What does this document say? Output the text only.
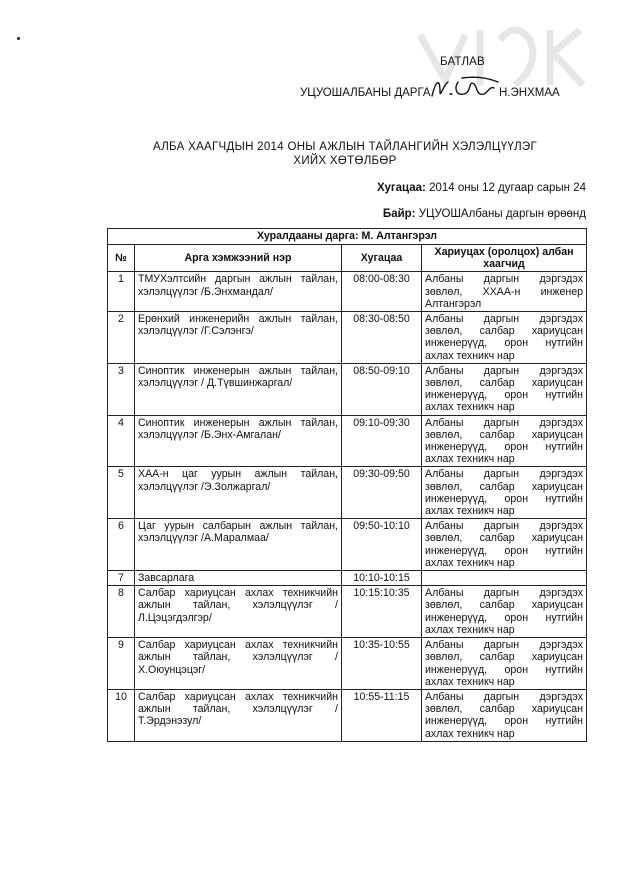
БАТЛАВ
УЦУОШАЛБАНЫ ДАРГА	Н.ЭНХМАА
АЛБА ХААГЧДЫН 2014 ОНЫ АЖЛЫН ТАЙЛАНГИЙН ХЭЛЭЛЦҮҮЛЭГ ХИЙХ ХӨТӨЛБӨР
Хугацаа: 2014 оны 12 дугаар сарын 24
Байр: УЦУОШАлбаны даргын өрөөнд
Хуралдааны дарга: М. Алтангэрэл			
№	Арга хэмжээний нэр	Хугацаа	Хариуцах (оролцох) албан хаагчид
1	ТМУХэлтсийн даргын ажлын тайлан, хэлэлцүүлэг /Б.Энхмандал/	08:00-08:30	Албаны даргын дэргэдэх зөвлөл, ХХАА-н инженер Алтангэрэл
2	Ерөнхий инженерийн ажлын тайлан, хэлэлцүүлэг /Г.Сэлэнгэ/	08:30-08:50	Албаны даргын дэргэдэх зөвлөл, салбар хариуцсан инженерүүд, орон нутгийн ахлах техникч нар
3	Синоптик инженерын ажлын тайлан, хэлэлцүүлэг / Д.Түвшинжаргал/	08:50-09:10	Албаны даргын дэргэдэх зөвлөл, салбар хариуцсан инженерүүд, орон нутгийн ахлах техникч нар
4	Синоптик инженерын ажлын тайлан, хэлэлцүүлэг /Б.Энх-Амгалан/	09:10-09:30	Албаны даргын дэргэдэх зөвлөл, салбар хариуцсан инженерүүд, орон нутгийн ахлах техникч нар
5	ХАА-н цаг уурын ажлын тайлан, хэлэлцүүлэг /Э.Золжаргал/	09:30-09:50	Албаны даргын дэргэдэх зөвлөл, салбар хариуцсан инженерүүд, орон нутгийн ахлах техникч нар
6	Цаг уурын салбарын ажлын тайлан, хэлэлцүүлэг /А.Маралмаа/	09:50-10:10	Албаны даргын дэргэдэх зөвлөл, салбар хариуцсан инженерүүд, орон нутгийн ахлах техникч нар
7	Завсарлага	10:10-10:15	
8	Салбар хариуцсан ахлах техникчийн ажлын тайлан, хэлэлцүүлэг /Л.Цэцэгдэлгэр/	10:15:10:35	Албаны даргын дэргэдэх зөвлөл, салбар хариуцсан инженерүүд, орон нутгийн ахлах техникч нар
9	Салбар хариуцсан ахлах техникчийн ажлын тайлан, хэлэлцүүлэг /Х.Оюунцэцэг/	10:35-10:55	Албаны даргын дэргэдэх зөвлөл, салбар хариуцсан инженерүүд, орон нутгийн ахлах техникч нар
10	Салбар хариуцсан ахлах техникчийн ажлын тайлан, хэлэлцүүлэг /Т.Эрдэнэзул/	10:55-11:15	Албаны даргын дэргэдэх зөвлөл, салбар хариуцсан инженерүүд, орон нутгийн ахлах техникч нар
